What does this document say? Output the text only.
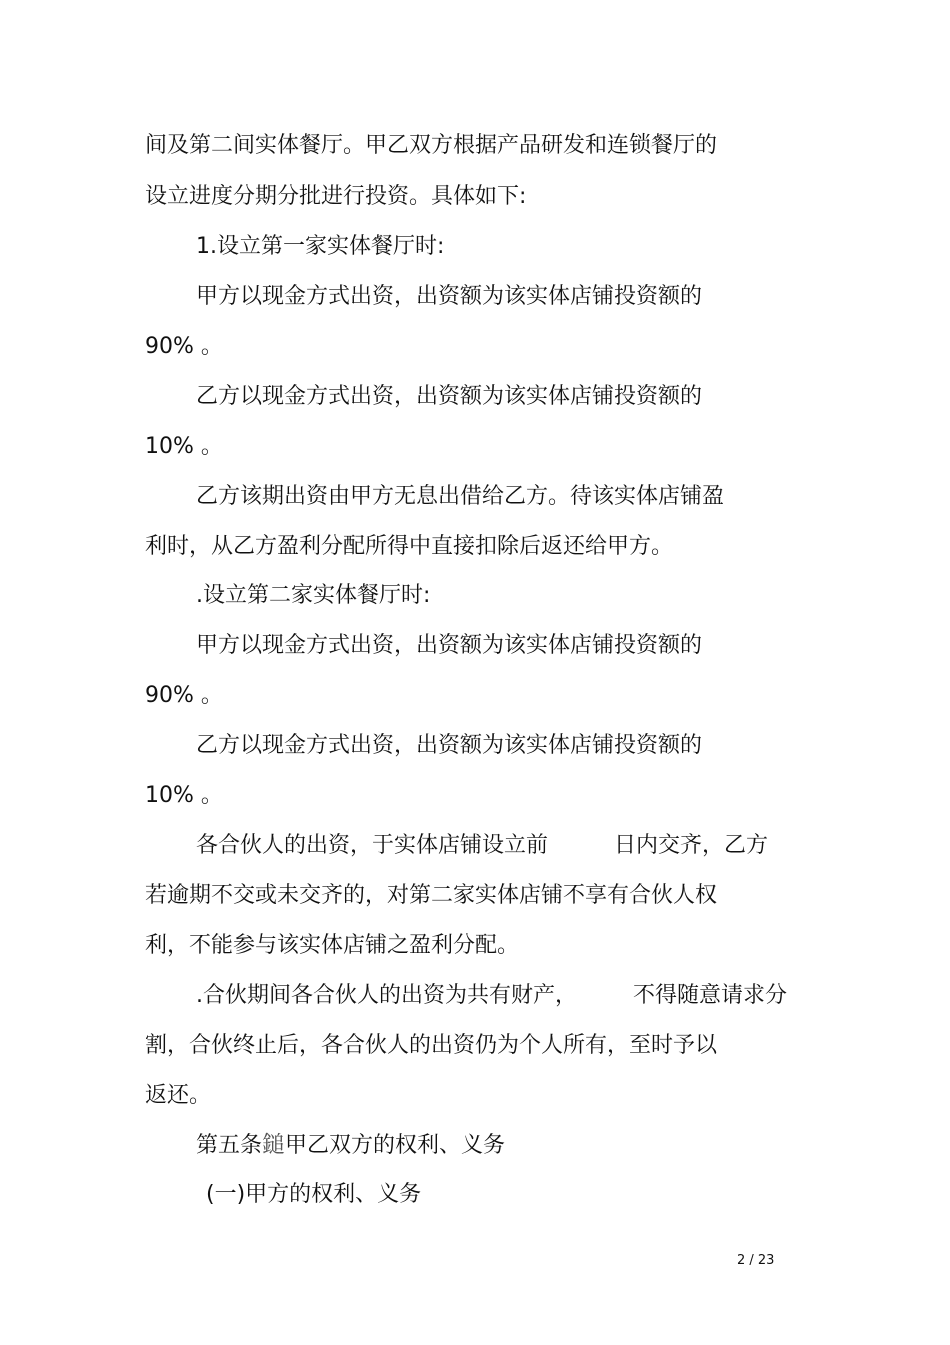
间及第二间实体餐厅。甲乙双方根据产品研发和连锁餐厅的
设立进度分期分批进行投资。具体如下:
1.设立第一家实体餐厅时:
甲方以现金方式出资，出资额为该实体店铺投资额的
90% 。
乙方以现金方式出资，出资额为该实体店铺投资额的
10% 。
乙方该期出资由甲方无息出借给乙方。待该实体店铺盈
利时，从乙方盈利分配所得中直接扣除后返还给甲方。
.设立第二家实体餐厅时:
甲方以现金方式出资，出资额为该实体店铺投资额的
90% 。
乙方以现金方式出资，出资额为该实体店铺投资额的
10% 。
各合伙人的出资，于实体店铺设立前	日内交齐，乙方
若逾期不交或未交齐的，对第二家实体店铺不享有合伙人权
利，不能参与该实体店铺之盈利分配。
.合伙期间各合伙人的出资为共有财产，	不得随意请求分
割，合伙终止后，各合伙人的出资仍为个人所有，至时予以
返还。
第五条鎚甲乙双方的权利、义务
(一)甲方的权利、义务
2 / 23
